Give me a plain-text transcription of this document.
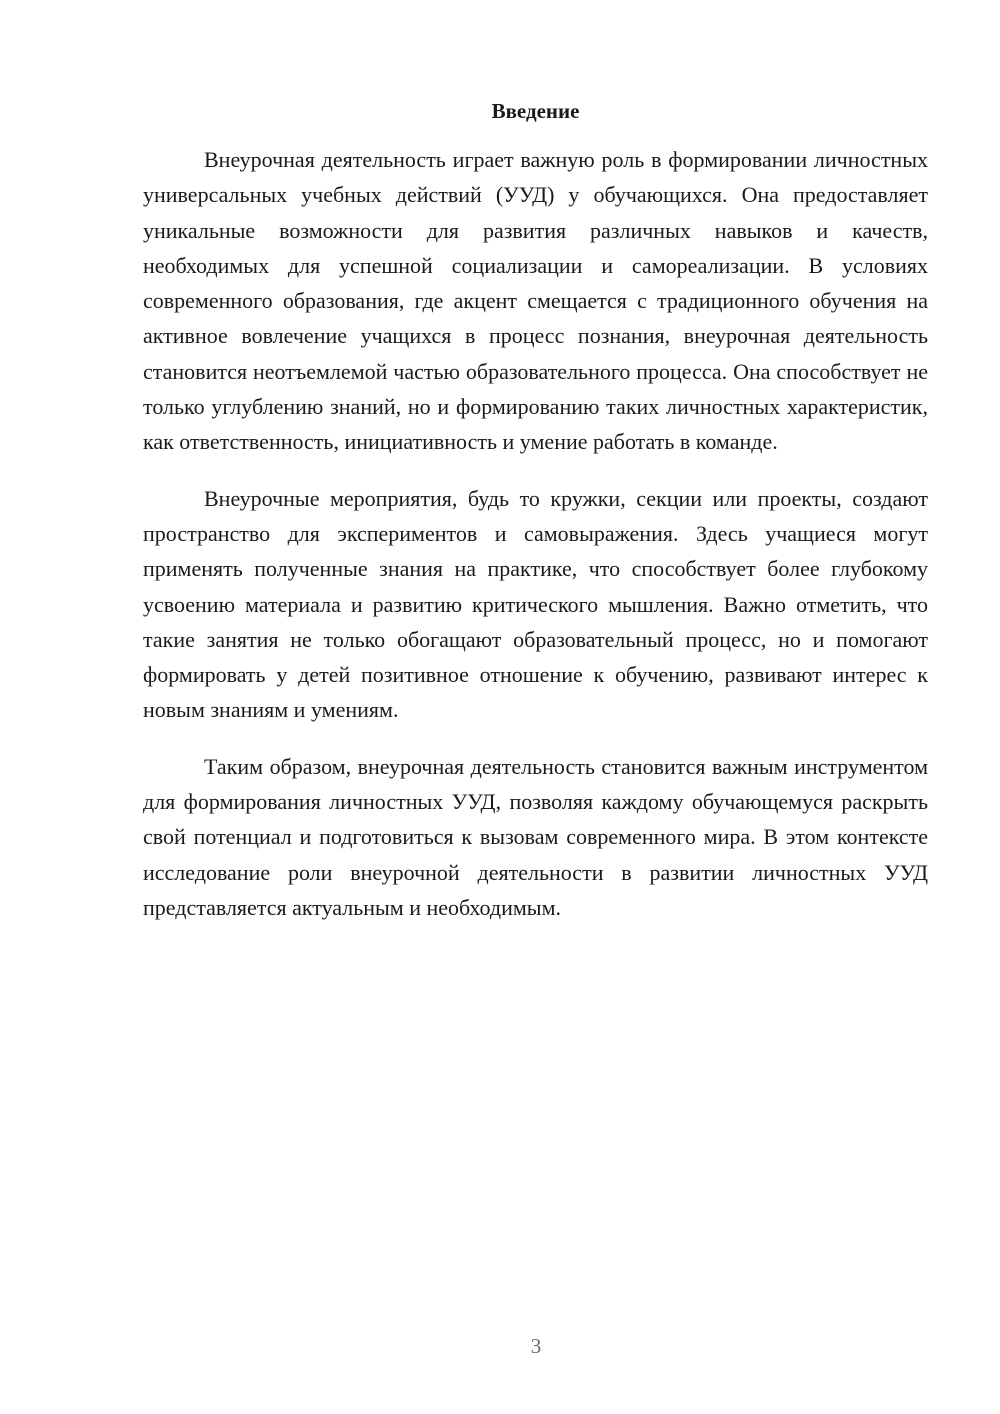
Введение

Внеурочная деятельность играет важную роль в формировании личностных универсальных учебных действий (УУД) у обучающихся. Она предоставляет уникальные возможности для развития различных навыков и качеств, необходимых для успешной социализации и самореализации. В условиях современного образования, где акцент смещается с традиционного обучения на активное вовлечение учащихся в процесс познания, внеурочная деятельность становится неотъемлемой частью образовательного процесса. Она способствует не только углублению знаний, но и формированию таких личностных характеристик, как ответственность, инициативность и умение работать в команде.

Внеурочные мероприятия, будь то кружки, секции или проекты, создают пространство для экспериментов и самовыражения. Здесь учащиеся могут применять полученные знания на практике, что способствует более глубокому усвоению материала и развитию критического мышления. Важно отметить, что такие занятия не только обогащают образовательный процесс, но и помогают формировать у детей позитивное отношение к обучению, развивают интерес к новым знаниям и умениям.

Таким образом, внеурочная деятельность становится важным инструментом для формирования личностных УУД, позволяя каждому обучающемуся раскрыть свой потенциал и подготовиться к вызовам современного мира. В этом контексте исследование роли внеурочной деятельности в развитии личностных УУД представляется актуальным и необходимым.

3
